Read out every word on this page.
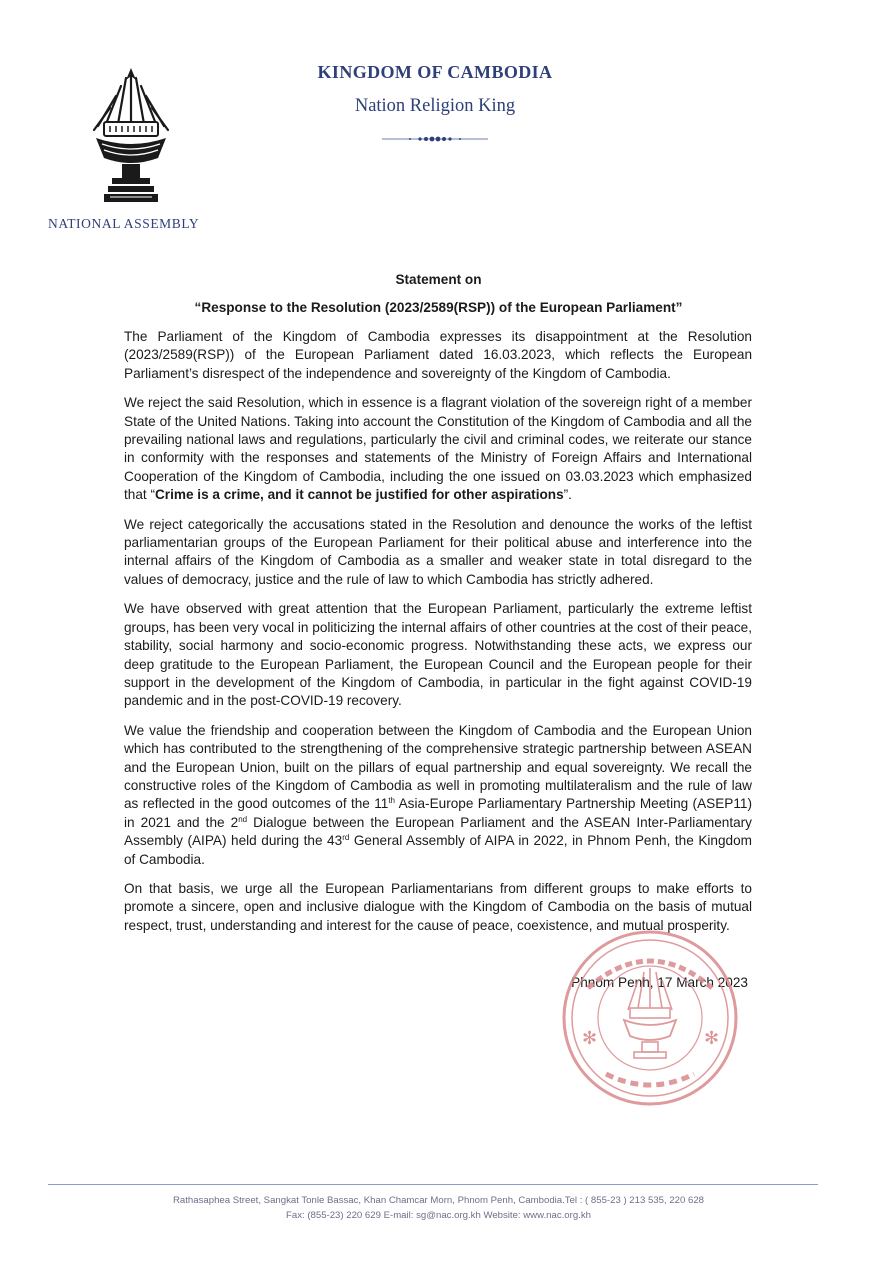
NATIONAL ASSEMBLY
KINGDOM OF CAMBODIA
Nation Religion King
Statement on
“Response to the Resolution (2023/2589(RSP)) of the European Parliament”

The Parliament of the Kingdom of Cambodia expresses its disappointment at the Resolution (2023/2589(RSP)) of the European Parliament dated 16.03.2023, which reflects the European Parliament’s disrespect of the independence and sovereignty of the Kingdom of Cambodia.

We reject the said Resolution, which in essence is a flagrant violation of the sovereign right of a member State of the United Nations. Taking into account the Constitution of the Kingdom of Cambodia and all the prevailing national laws and regulations, particularly the civil and criminal codes, we reiterate our stance in conformity with the responses and statements of the Ministry of Foreign Affairs and International Cooperation of the Kingdom of Cambodia, including the one issued on 03.03.2023 which emphasized that “Crime is a crime, and it cannot be justified for other aspirations”.

We reject categorically the accusations stated in the Resolution and denounce the works of the leftist parliamentarian groups of the European Parliament for their political abuse and interference into the internal affairs of the Kingdom of Cambodia as a smaller and weaker state in total disregard to the values of democracy, justice and the rule of law to which Cambodia has strictly adhered.

We have observed with great attention that the European Parliament, particularly the extreme leftist groups, has been very vocal in politicizing the internal affairs of other countries at the cost of their peace, stability, social harmony and socio-economic progress. Notwithstanding these acts, we express our deep gratitude to the European Parliament, the European Council and the European people for their support in the development of the Kingdom of Cambodia, in particular in the fight against COVID-19 pandemic and in the post-COVID-19 recovery.

We value the friendship and cooperation between the Kingdom of Cambodia and the European Union which has contributed to the strengthening of the comprehensive strategic partnership between ASEAN and the European Union, built on the pillars of equal partnership and equal sovereignty. We recall the constructive roles of the Kingdom of Cambodia as well in promoting multilateralism and the rule of law as reflected in the good outcomes of the 11th Asia-Europe Parliamentary Partnership Meeting (ASEP11) in 2021 and the 2nd Dialogue between the European Parliament and the ASEAN Inter-Parliamentary Assembly (AIPA) held during the 43rd General Assembly of AIPA in 2022, in Phnom Penh, the Kingdom of Cambodia.

On that basis, we urge all the European Parliamentarians from different groups to make efforts to promote a sincere, open and inclusive dialogue with the Kingdom of Cambodia on the basis of mutual respect, trust, understanding and interest for the cause of peace, coexistence, and mutual prosperity.

Phnom Penh, 17 March 2023
✻	✻
Rathasaphea Street, Sangkat Tonle Bassac, Khan Chamcar Morn, Phnom Penh, Cambodia.Tel : ( 855-23 ) 213 535, 220 628
Fax: (855-23) 220 629 E-mail: sg@nac.org.kh Website: www.nac.org.kh
